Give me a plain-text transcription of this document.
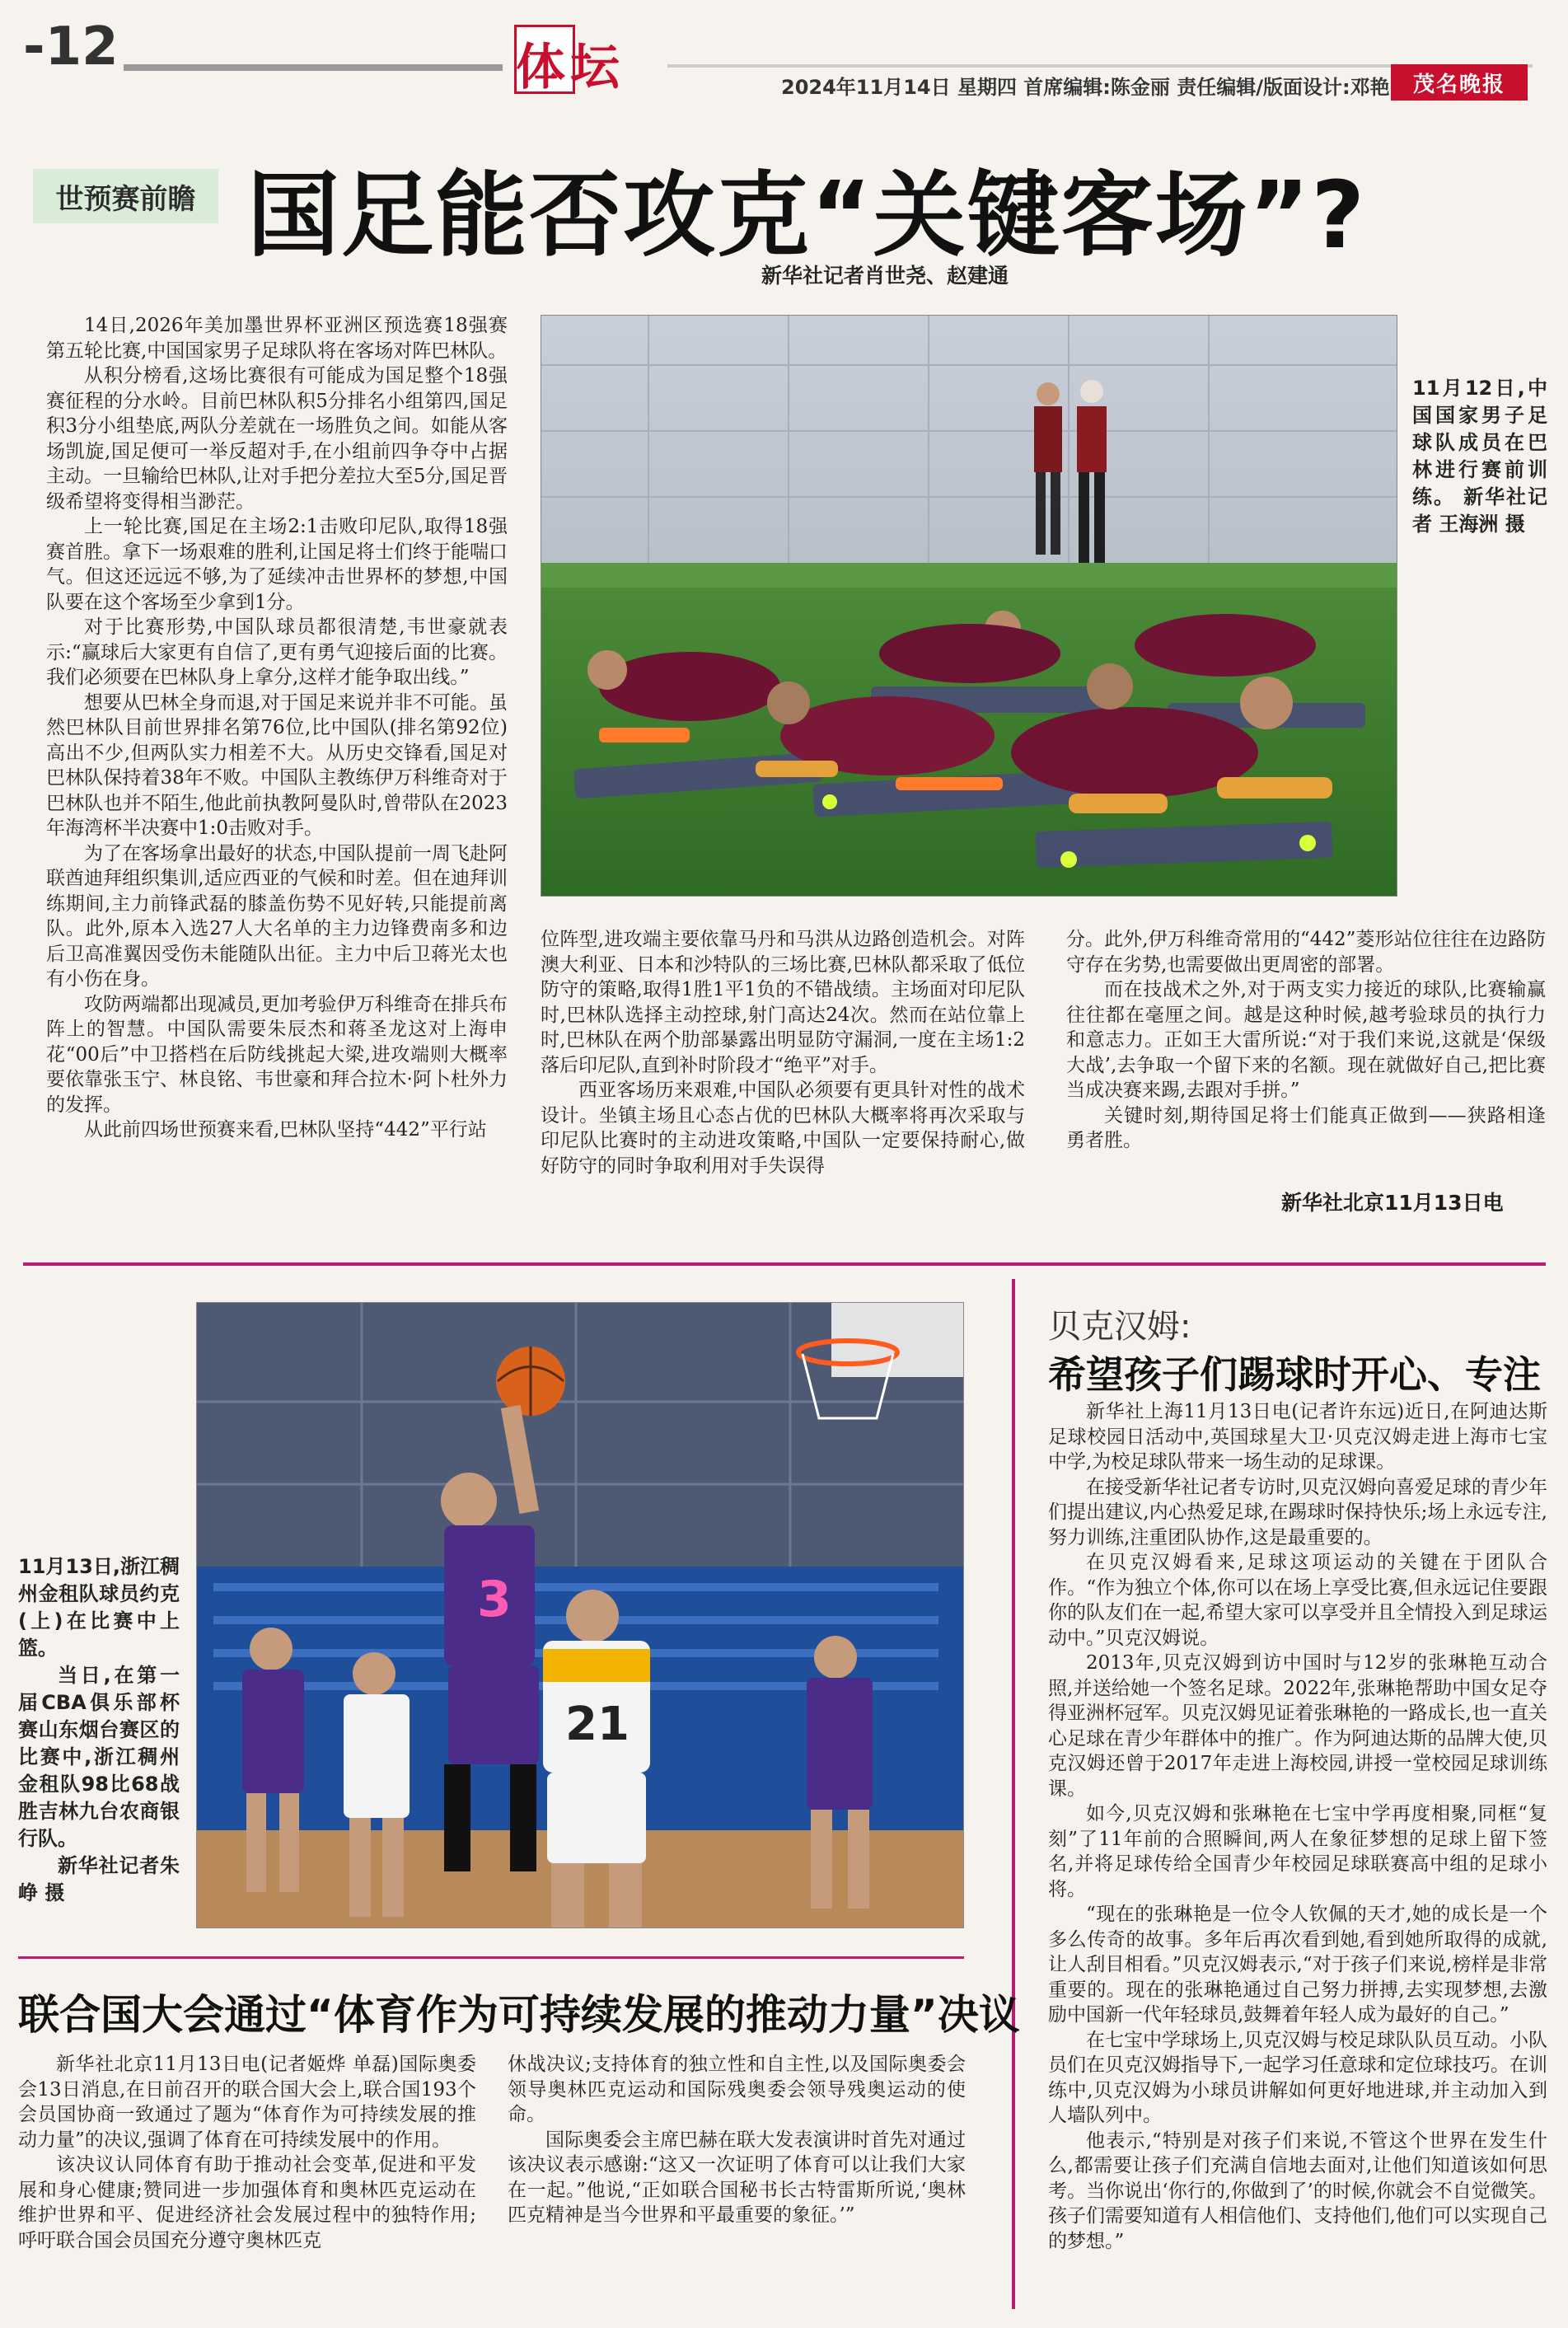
-12	体坛	2024年11月14日 星期四 首席编辑:陈金丽 责任编辑/版面设计:邓艳	茂名晚报
世预赛前瞻 国足能否攻克“关键客场”?
新华社记者肖世尧、赵建通

14日,2026年美加墨世界杯亚洲区预选赛18强赛第五轮比赛,中国国家男子足球队将在客场对阵巴林队。

从积分榜看,这场比赛很有可能成为国足整个18强赛征程的分水岭。目前巴林队积5分排名小组第四,国足积3分小组垫底,两队分差就在一场胜负之间。如能从客场凯旋,国足便可一举反超对手,在小组前四争夺中占据主动。一旦输给巴林队,让对手把分差拉大至5分,国足晋级希望将变得相当渺茫。

上一轮比赛,国足在主场2:1击败印尼队,取得18强赛首胜。拿下一场艰难的胜利,让国足将士们终于能喘口气。但这还远远不够,为了延续冲击世界杯的梦想,中国队要在这个客场至少拿到1分。

对于比赛形势,中国队球员都很清楚,韦世豪就表示:“赢球后大家更有自信了,更有勇气迎接后面的比赛。我们必须要在巴林队身上拿分,这样才能争取出线。”

想要从巴林全身而退,对于国足来说并非不可能。虽然巴林队目前世界排名第76位,比中国队(排名第92位)高出不少,但两队实力相差不大。从历史交锋看,国足对巴林队保持着38年不败。中国队主教练伊万科维奇对于巴林队也并不陌生,他此前执教阿曼队时,曾带队在2023年海湾杯半决赛中1:0击败对手。

为了在客场拿出最好的状态,中国队提前一周飞赴阿联酋迪拜组织集训,适应西亚的气候和时差。但在迪拜训练期间,主力前锋武磊的膝盖伤势不见好转,只能提前离队。此外,原本入选27人大名单的主力边锋费南多和边后卫高准翼因受伤未能随队出征。主力中后卫蒋光太也有小伤在身。

攻防两端都出现减员,更加考验伊万科维奇在排兵布阵上的智慧。中国队需要朱辰杰和蒋圣龙这对上海申花“00后”中卫搭档在后防线挑起大梁,进攻端则大概率要依靠张玉宁、林良铭、韦世豪和拜合拉木·阿卜杜外力的发挥。

从此前四场世预赛来看,巴林队坚持“442”平行站

11月12日,中国国家男子足球队成员在巴林进行赛前训练。 新华社记者 王海洲 摄

位阵型,进攻端主要依靠马丹和马洪从边路创造机会。对阵澳大利亚、日本和沙特队的三场比赛,巴林队都采取了低位防守的策略,取得1胜1平1负的不错战绩。主场面对印尼队时,巴林队选择主动控球,射门高达24次。然而在站位靠上时,巴林队在两个肋部暴露出明显防守漏洞,一度在主场1:2落后印尼队,直到补时阶段才“绝平”对手。

西亚客场历来艰难,中国队必须要有更具针对性的战术设计。坐镇主场且心态占优的巴林队大概率将再次采取与印尼队比赛时的主动进攻策略,中国队一定要保持耐心,做好防守的同时争取利用对手失误得

分。此外,伊万科维奇常用的“442”菱形站位往往在边路防守存在劣势,也需要做出更周密的部署。

而在技战术之外,对于两支实力接近的球队,比赛输赢往往都在毫厘之间。越是这种时候,越考验球员的执行力和意志力。正如王大雷所说:“对于我们来说,这就是‘保级大战’,去争取一个留下来的名额。现在就做好自己,把比赛当成决赛来踢,去跟对手拼。”

关键时刻,期待国足将士们能真正做到——狭路相逢勇者胜。

新华社北京11月13日电
3
21
11月13日,浙江稠州金租队球员约克(上)在比赛中上篮。
当日,在第一届CBA俱乐部杯赛山东烟台赛区的比赛中,浙江稠州金租队98比68战胜吉林九台农商银行队。
新华社记者朱峥 摄
贝克汉姆:
希望孩子们踢球时开心、专注

新华社上海11月13日电(记者许东远)近日,在阿迪达斯足球校园日活动中,英国球星大卫·贝克汉姆走进上海市七宝中学,为校足球队带来一场生动的足球课。

在接受新华社记者专访时,贝克汉姆向喜爱足球的青少年们提出建议,内心热爱足球,在踢球时保持快乐;场上永远专注,努力训练,注重团队协作,这是最重要的。

在贝克汉姆看来,足球这项运动的关键在于团队合作。“作为独立个体,你可以在场上享受比赛,但永远记住要跟你的队友们在一起,希望大家可以享受并且全情投入到足球运动中。”贝克汉姆说。

2013年,贝克汉姆到访中国时与12岁的张琳艳互动合照,并送给她一个签名足球。2022年,张琳艳帮助中国女足夺得亚洲杯冠军。贝克汉姆见证着张琳艳的一路成长,也一直关心足球在青少年群体中的推广。作为阿迪达斯的品牌大使,贝克汉姆还曾于2017年走进上海校园,讲授一堂校园足球训练课。

如今,贝克汉姆和张琳艳在七宝中学再度相聚,同框“复刻”了11年前的合照瞬间,两人在象征梦想的足球上留下签名,并将足球传给全国青少年校园足球联赛高中组的足球小将。

“现在的张琳艳是一位令人钦佩的天才,她的成长是一个多么传奇的故事。多年后再次看到她,看到她所取得的成就,让人刮目相看。”贝克汉姆表示,“对于孩子们来说,榜样是非常重要的。现在的张琳艳通过自己努力拼搏,去实现梦想,去激励中国新一代年轻球员,鼓舞着年轻人成为最好的自己。”

在七宝中学球场上,贝克汉姆与校足球队队员互动。小队员们在贝克汉姆指导下,一起学习任意球和定位球技巧。在训练中,贝克汉姆为小球员讲解如何更好地进球,并主动加入到人墙队列中。

他表示,“特别是对孩子们来说,不管这个世界在发生什么,都需要让孩子们充满自信地去面对,让他们知道该如何思考。当你说出‘你行的,你做到了’的时候,你就会不自觉微笑。孩子们需要知道有人相信他们、支持他们,他们可以实现自己的梦想。”

联合国大会通过“体育作为可持续发展的推动力量”决议

新华社北京11月13日电(记者姬烨 单磊)国际奥委会13日消息,在日前召开的联合国大会上,联合国193个会员国协商一致通过了题为“体育作为可持续发展的推动力量”的决议,强调了体育在可持续发展中的作用。

该决议认同体育有助于推动社会变革,促进和平发展和身心健康;赞同进一步加强体育和奥林匹克运动在维护世界和平、促进经济社会发展过程中的独特作用;呼吁联合国会员国充分遵守奥林匹克

休战决议;支持体育的独立性和自主性,以及国际奥委会领导奥林匹克运动和国际残奥委会领导残奥运动的使命。

国际奥委会主席巴赫在联大发表演讲时首先对通过该决议表示感谢:“这又一次证明了体育可以让我们大家在一起。”他说,“正如联合国秘书长古特雷斯所说,‘奥林匹克精神是当今世界和平最重要的象征。’”
